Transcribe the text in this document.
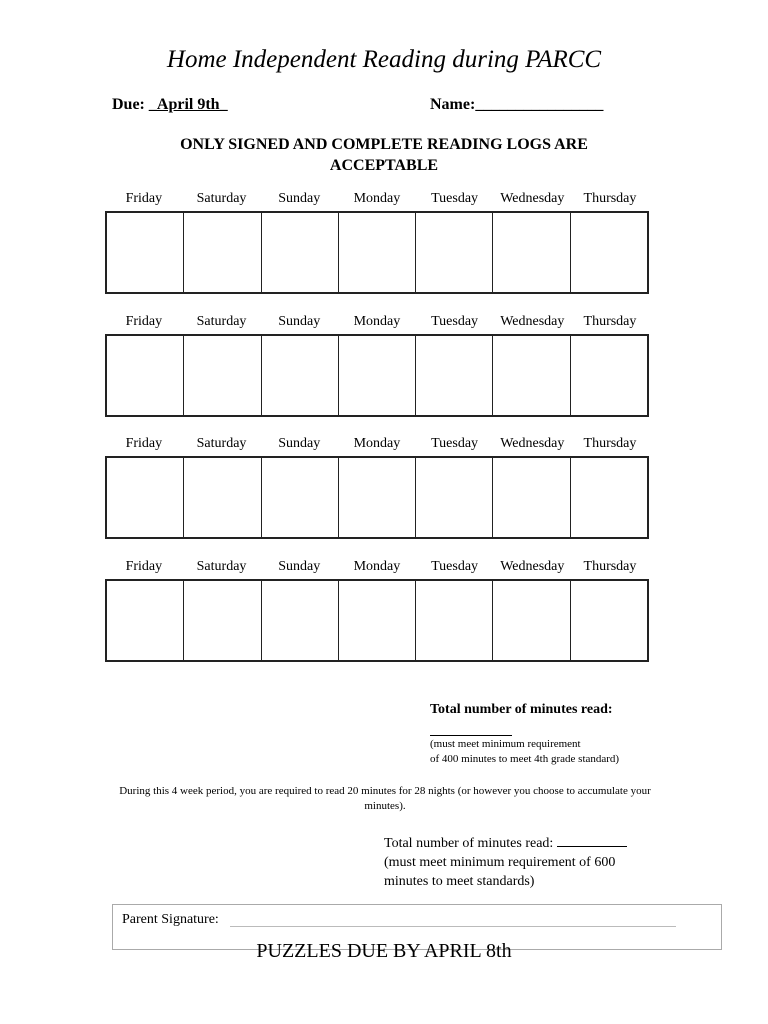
Home Independent Reading during PARCC
Due: _April 9th_	Name:________________
ONLY SIGNED AND COMPLETE READING LOGS ARE ACCEPTABLE
Friday	Saturday	Sunday	Monday	Tuesday	Wednesday	Thursday
Friday	Saturday	Sunday	Monday	Tuesday	Wednesday	Thursday
Friday	Saturday	Sunday	Monday	Tuesday	Wednesday	Thursday
Friday	Saturday	Sunday	Monday	Tuesday	Wednesday	Thursday
Total number of minutes read:
(must meet minimum requirement
of 400 minutes to meet 4th grade standard)
During this 4 week period, you are required to read 20 minutes for 28 nights (or however you choose to accumulate your minutes).
Total number of minutes read:
(must meet minimum requirement of 600
minutes to meet standards)
Parent Signature:
PUZZLES DUE BY APRIL 8th
